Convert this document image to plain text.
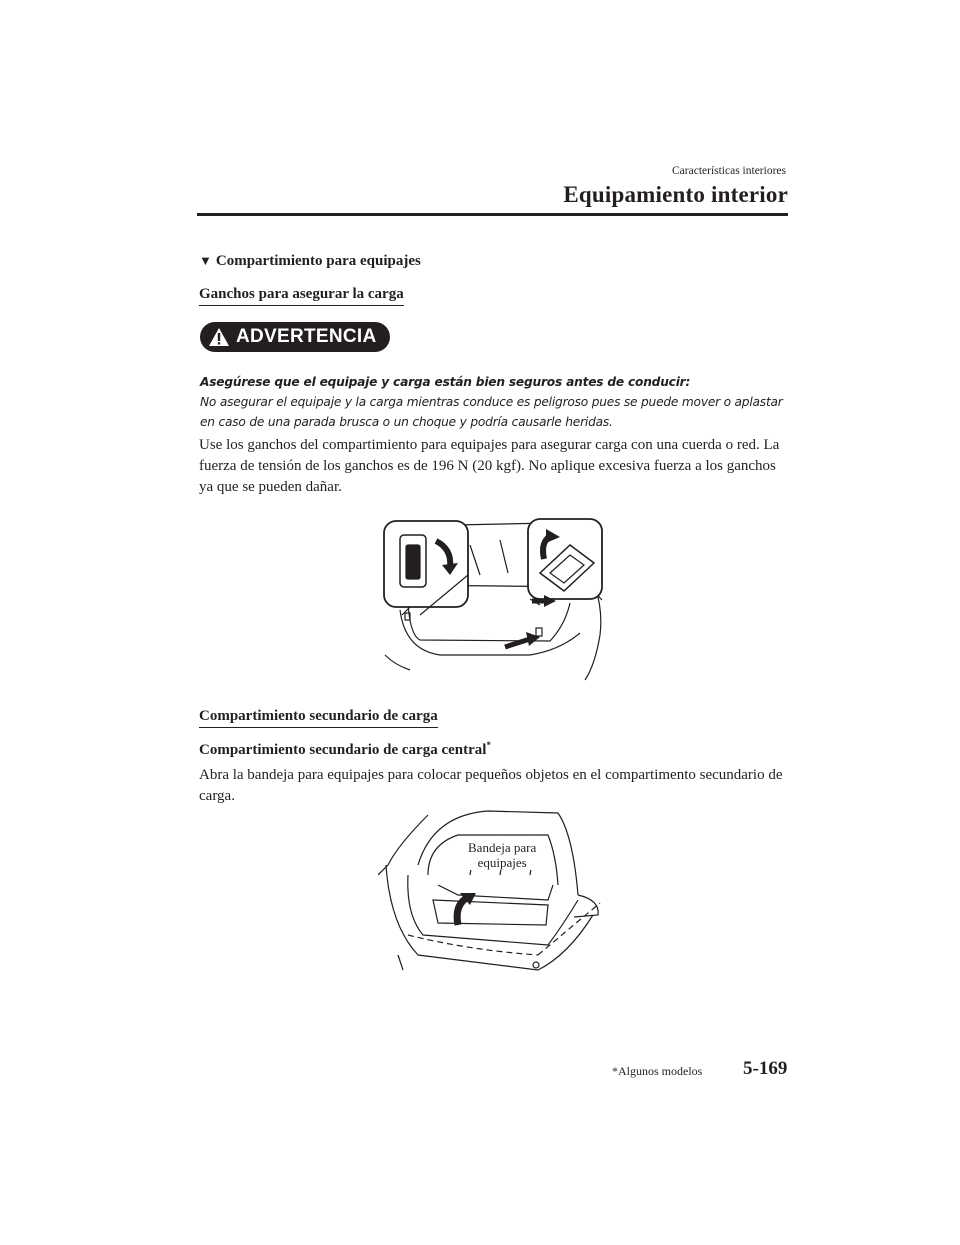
Características interiores
Equipamiento interior
▼ Compartimiento para equipajes
Ganchos para asegurar la carga
ADVERTENCIA
Asegúrese que el equipaje y carga están bien seguros antes de conducir:
No asegurar el equipaje y la carga mientras conduce es peligroso pues se puede mover o aplastar en caso de una parada brusca o un choque y podría causarle heridas.
Use los ganchos del compartimiento para equipajes para asegurar carga con una cuerda o red. La fuerza de tensión de los ganchos es de 196 N (20 kgf). No aplique excesiva fuerza a los ganchos ya que se pueden dañar.
Compartimiento secundario de carga
Compartimiento secundario de carga central*
Abra la bandeja para equipajes para colocar pequeños objetos en el compartimento secundario de carga.
Bandeja para
equipajes
*Algunos modelos 5-169
